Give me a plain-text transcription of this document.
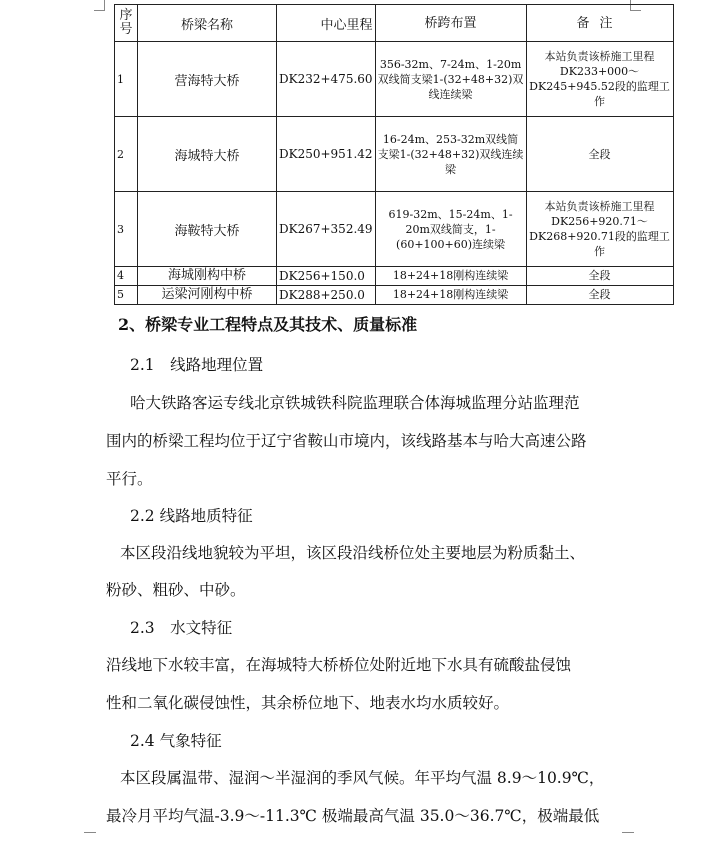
序号	桥梁名称	中心里程	桥跨布置	备注
1	营海特大桥	DK232+475.60	356-32m、7-24m、1-20m双线简支梁1-(32+48+32)双线连续梁	本站负责该桥施工里程DK233+000～DK245+945.52段的监理工作
2	海城特大桥	DK250+951.42	16-24m、253-32m双线简支梁1-(32+48+32)双线连续梁	全段
3	海鞍特大桥	DK267+352.49	619-32m、15-24m、1-20m双线简支，1-(60+100+60)连续梁	本站负责该桥施工里程DK256+920.71～DK268+920.71段的监理工作
4	海城刚构中桥	DK256+150.0	18+24+18刚构连续梁	全段
5	运梁河刚构中桥	DK288+250.0	18+24+18刚构连续梁	全段
2、桥梁专业工程特点及其技术、质量标准
2.1　线路地理位置
哈大铁路客运专线北京铁城铁科院监理联合体海城监理分站监理范
围内的桥梁工程均位于辽宁省鞍山市境内，该线路基本与哈大高速公路
平行。
2.2 线路地质特征
本区段沿线地貌较为平坦，该区段沿线桥位处主要地层为粉质黏土、
粉砂、粗砂、中砂。
2.3　水文特征
沿线地下水较丰富，在海城特大桥桥位处附近地下水具有硫酸盐侵蚀
性和二氧化碳侵蚀性，其余桥位地下、地表水均水质较好。
2.4 气象特征
本区段属温带、湿润～半湿润的季风气候。年平均气温 8.9～10.9℃，
最冷月平均气温-3.9～-11.3℃ 极端最高气温 35.0～36.7℃，极端最低
